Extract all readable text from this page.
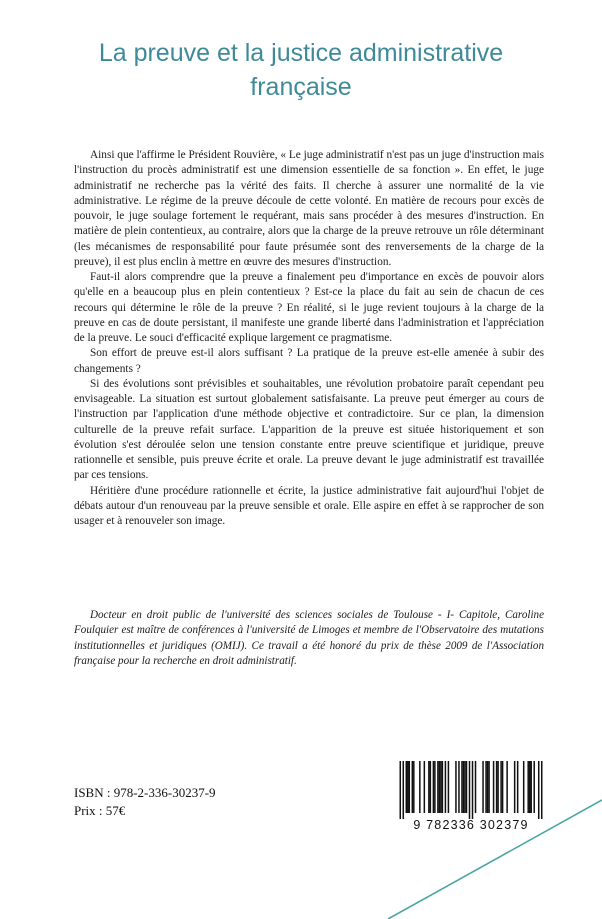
La preuve et la justice administrative
française

Ainsi que l'affirme le Président Rouvière, « Le juge administratif n'est pas un juge d'instruction mais l'instruction du procès administratif est une dimension essentielle de sa fonction ». En effet, le juge administratif ne recherche pas la vérité des faits. Il cherche à assurer une normalité de la vie administrative. Le régime de la preuve découle de cette volonté. En matière de recours pour excès de pouvoir, le juge soulage fortement le requérant, mais sans procéder à des mesures d'instruction. En matière de plein contentieux, au contraire, alors que la charge de la preuve retrouve un rôle déterminant (les mécanismes de responsabilité pour faute présumée sont des renversements de la charge de la preuve), il est plus enclin à mettre en œuvre des mesures d'instruction.

Faut-il alors comprendre que la preuve a finalement peu d'importance en excès de pouvoir alors qu'elle en a beaucoup plus en plein contentieux ? Est-ce la place du fait au sein de chacun de ces recours qui détermine le rôle de la preuve ? En réalité, si le juge revient toujours à la charge de la preuve en cas de doute persistant, il manifeste une grande liberté dans l'administration et l'appréciation de la preuve. Le souci d'efficacité explique largement ce pragmatisme.

Son effort de preuve est-il alors suffisant ? La pratique de la preuve est-elle amenée à subir des changements ?

Si des évolutions sont prévisibles et souhaitables, une révolution probatoire paraît cependant peu envisageable. La situation est surtout globalement satisfaisante. La preuve peut émerger au cours de l'instruction par l'application d'une méthode objective et contradictoire. Sur ce plan, la dimension culturelle de la preuve refait surface. L'apparition de la preuve est située historiquement et son évolution s'est déroulée selon une tension constante entre preuve scientifique et juridique, preuve rationnelle et sensible, puis preuve écrite et orale. La preuve devant le juge administratif est travaillée par ces tensions.

Héritière d'une procédure rationnelle et écrite, la justice administrative fait aujourd'hui l'objet de débats autour d'un renouveau par la preuve sensible et orale. Elle aspire en effet à se rapprocher de son usager et à renouveler son image.

Docteur en droit public de l'université des sciences sociales de Toulouse - I- Capitole, Caroline Foulquier est maître de conférences à l'université de Limoges et membre de l'Observatoire des mutations institutionnelles et juridiques (OMIJ). Ce travail a été honoré du prix de thèse 2009 de l'Association française pour la recherche en droit administratif.

ISBN : 978-2-336-30237-9
Prix : 57€
9 782336 302379
